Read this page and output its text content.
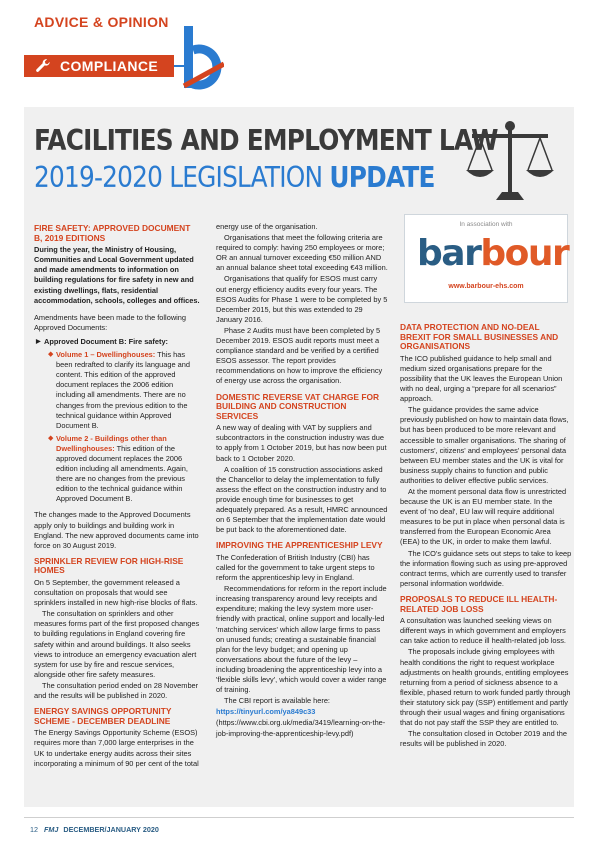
ADVICE & OPINION
COMPLIANCE
FACILITIES AND EMPLOYMENT LAW
2019-2020 LEGISLATION UPDATE
FIRE SAFETY: APPROVED DOCUMENT B, 2019 EDITIONS

During the year, the Ministry of Housing, Communities and Local Government updated and made amendments to information on building regulations for fire safety in new and existing dwellings, flats, residential accommodation, schools, colleges and offices.

Amendments have been made to the following Approved Documents:

▶ Approved Document B: Fire safety:
◆ Volume 1 – Dwellinghouses: This has been redrafted to clarify its language and content. This edition of the approved document replaces the 2006 edition including all amendments. There are no changes from the previous edition to the technical guidance within Approved Document B.
◆ Volume 2 - Buildings other than Dwellinghouses: This edition of the approved document replaces the 2006 edition including all amendments. Again, there are no changes from the previous edition to the technical guidance within Approved Document B.

The changes made to the Approved Documents apply only to buildings and building work in England. The new approved documents came into force on 30 August 2019.

SPRINKLER REVIEW FOR HIGH-RISE HOMES

On 5 September, the government released a consultation on proposals that would see sprinklers installed in new high-rise blocks of flats.

The consultation on sprinklers and other measures forms part of the first proposed changes to building regulations in England covering fire safety within and around buildings. It also seeks views to introduce an emergency evacuation alert system for use by fire and rescue services, alongside other fire safety measures.

The consultation period ended on 28 November and the results will be published in 2020.

ENERGY SAVINGS OPPORTUNITY SCHEME - DECEMBER DEADLINE

The Energy Savings Opportunity Scheme (ESOS) requires more than 7,000 large enterprises in the UK to undertake energy audits across their sites incorporating a minimum of 90 per cent of the total

energy use of the organisation.

Organisations that meet the following criteria are required to comply: having 250 employees or more; OR an annual turnover exceeding €50 million AND an annual balance sheet total exceeding €43 million.

Organisations that qualify for ESOS must carry out energy efficiency audits every four years. The ESOS Audits for Phase 1 were to be completed by 5 December 2015, but this was extended to 29 January 2016.

Phase 2 Audits must have been completed by 5 December 2019. ESOS audit reports must meet a compliance standard and be verified by a certified ESOS assessor. The report provides recommendations on how to improve the efficiency of energy use across the organisation.

DOMESTIC REVERSE VAT CHARGE FOR BUILDING AND CONSTRUCTION SERVICES

A new way of dealing with VAT by suppliers and subcontractors in the construction industry was due to apply from 1 October 2019, but has now been put back to 1 October 2020.

A coalition of 15 construction associations asked the Chancellor to delay the implementation to fully assess the effect on the construction industry and to provide enough time for businesses to get adequately prepared. As a result, HMRC announced on 6 September that the implementation date would be put back to the aforementioned date.

IMPROVING THE APPRENTICESHIP LEVY

The Confederation of British Industry (CBI) has called for the government to take urgent steps to reform the apprenticeship levy in England.

Recommendations for reform in the report include increasing transparency around levy receipts and expenditure; making the levy system more user-friendly with practical, online support and locally-led 'matching services' which allow large firms to pass on unused funds; creating a sustainable financial plan for the levy budget; and opening up conversations about the future of the levy – including broadening the apprenticeship levy into a 'flexible skills levy', which would cover a wider range of training.

The CBI report is available here:

https://tinyurl.com/ya849c33

(https://www.cbi.org.uk/media/3419/learning-on-the-job-improving-the-apprenticeship-levy.pdf)

In association with
barbour
www.barbour-ehs.com
DATA PROTECTION AND NO-DEAL BREXIT FOR SMALL BUSINESSES AND ORGANISATIONS

The ICO published guidance to help small and medium sized organisations prepare for the possibility that the UK leaves the European Union with no deal, urging a “prepare for all scenarios” approach.

The guidance provides the same advice previously published on how to maintain data flows, but has been produced to be more relevant and accessible to smaller organisations. The sharing of customers', citizens' and employees' personal data between EU member states and the UK is vital for business supply chains to function and public authorities to deliver effective public services.

At the moment personal data flow is unrestricted because the UK is an EU member state. In the event of 'no deal', EU law will require additional measures to be put in place when personal data is transferred from the European Economic Area (EEA) to the UK, in order to make them lawful.

The ICO's guidance sets out steps to take to keep the information flowing such as using pre-approved contract terms, which are currently used to transfer personal information worldwide.

PROPOSALS TO REDUCE ILL HEALTH-RELATED JOB LOSS

A consultation was launched seeking views on different ways in which government and employers can take action to reduce ill health-related job loss.

The proposals include giving employees with health conditions the right to request workplace adjustments on health grounds, entitling employees returning from a period of sickness absence to a flexible, phased return to work funded partly through their statutory sick pay (SSP) entitlement and partly through their usual wages and fining organisations that do not pay staff the SSP they are entitled to.

The consultation closed in October 2019 and the results will be published in 2020.

12 FMJ DECEMBER/JANUARY 2020
